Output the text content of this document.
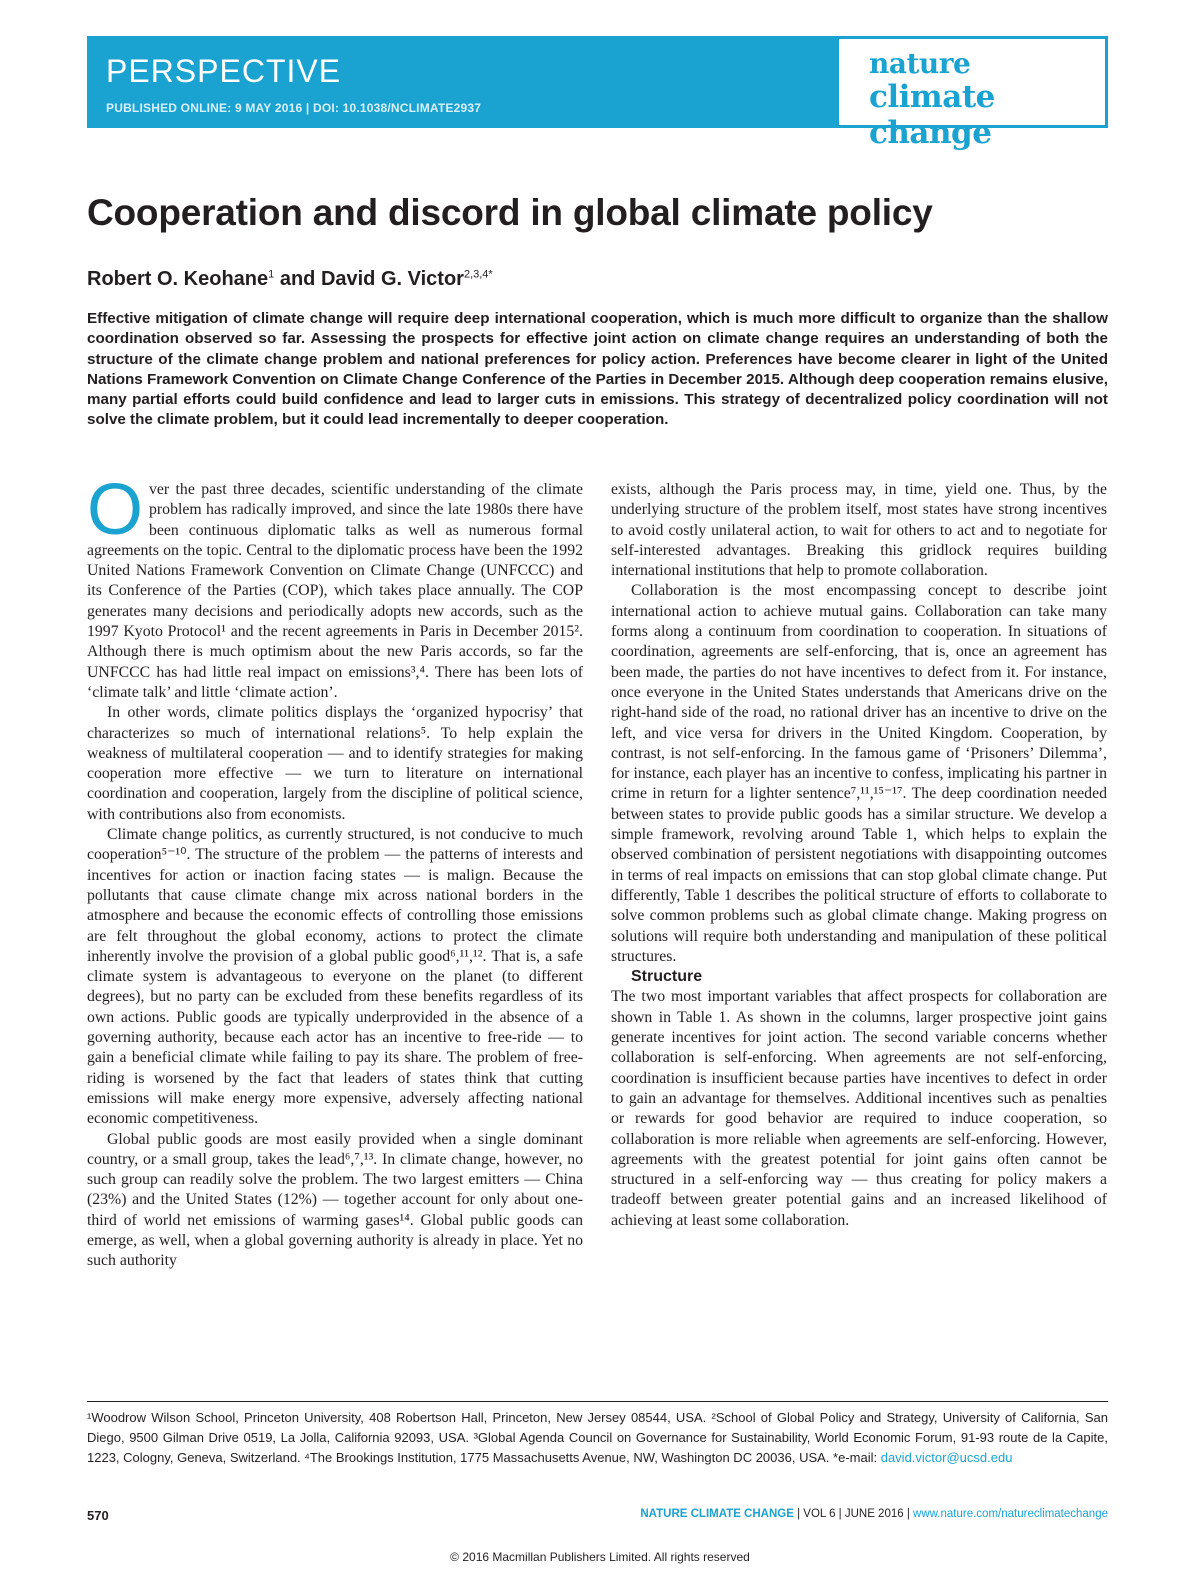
PERSPECTIVE
PUBLISHED ONLINE: 9 MAY 2016 | DOI: 10.1038/NCLIMATE2937
nature
climate change
Cooperation and discord in global climate policy
Robert O. Keohane$^1$ and David G. Victor$^{2,3,4*}$
Effective mitigation of climate change will require deep international cooperation, which is much more difficult to organize than the shallow coordination observed so far. Assessing the prospects for effective joint action on climate change requires an understanding of both the structure of the climate change problem and national preferences for policy action. Preferences have become clearer in light of the United Nations Framework Convention on Climate Change Conference of the Parties in December 2015. Although deep cooperation remains elusive, many partial efforts could build confidence and lead to larger cuts in emissions. This strategy of decentralized policy coordination will not solve the climate problem, but it could lead incrementally to deeper cooperation.

Over the past three decades, scientific understanding of the climate problem has radically improved, and since the late 1980s there have been continuous diplomatic talks as well as numerous formal agreements on the topic. Central to the diplomatic process have been the 1992 United Nations Framework Convention on Climate Change (UNFCCC) and its Conference of the Parties (COP), which takes place annually. The COP generates many decisions and periodically adopts new accords, such as the 1997 Kyoto Protocol¹ and the recent agreements in Paris in December 2015². Although there is much optimism about the new Paris accords, so far the UNFCCC has had little real impact on emissions³,⁴. There has been lots of ‘climate talk’ and little ‘climate action’.

In other words, climate politics displays the ‘organized hypocrisy’ that characterizes so much of international relations⁵. To help explain the weakness of multilateral cooperation — and to identify strategies for making cooperation more effective — we turn to literature on international coordination and cooperation, largely from the discipline of political science, with contributions also from economists.

Climate change politics, as currently structured, is not conducive to much cooperation⁵⁻¹⁰. The structure of the problem — the patterns of interests and incentives for action or inaction facing states — is malign. Because the pollutants that cause climate change mix across national borders in the atmosphere and because the economic effects of controlling those emissions are felt throughout the global economy, actions to protect the climate inherently involve the provision of a global public good⁶,¹¹,¹². That is, a safe climate system is advantageous to everyone on the planet (to different degrees), but no party can be excluded from these benefits regardless of its own actions. Public goods are typically underprovided in the absence of a governing authority, because each actor has an incentive to free-ride — to gain a beneficial climate while failing to pay its share. The problem of free-riding is worsened by the fact that leaders of states think that cutting emissions will make energy more expensive, adversely affecting national economic competitiveness.

Global public goods are most easily provided when a single dominant country, or a small group, takes the lead⁶,⁷,¹³. In climate change, however, no such group can readily solve the problem. The two largest emitters — China (23%) and the United States (12%) — together account for only about one-third of world net emissions of warming gases¹⁴. Global public goods can emerge, as well, when a global governing authority is already in place. Yet no such authority

exists, although the Paris process may, in time, yield one. Thus, by the underlying structure of the problem itself, most states have strong incentives to avoid costly unilateral action, to wait for others to act and to negotiate for self-interested advantages. Breaking this gridlock requires building international institutions that help to promote collaboration.

Collaboration is the most encompassing concept to describe joint international action to achieve mutual gains. Collaboration can take many forms along a continuum from coordination to cooperation. In situations of coordination, agreements are self-enforcing, that is, once an agreement has been made, the parties do not have incentives to defect from it. For instance, once everyone in the United States understands that Americans drive on the right-hand side of the road, no rational driver has an incentive to drive on the left, and vice versa for drivers in the United Kingdom. Cooperation, by contrast, is not self-enforcing. In the famous game of ‘Prisoners’ Dilemma’, for instance, each player has an incentive to confess, implicating his partner in crime in return for a lighter sentence⁷,¹¹,¹⁵⁻¹⁷. The deep coordination needed between states to provide public goods has a similar structure. We develop a simple framework, revolving around Table 1, which helps to explain the observed combination of persistent negotiations with disappointing outcomes in terms of real impacts on emissions that can stop global climate change. Put differently, Table 1 describes the political structure of efforts to collaborate to solve common problems such as global climate change. Making progress on solutions will require both understanding and manipulation of these political structures.

Structure

The two most important variables that affect prospects for collaboration are shown in Table 1. As shown in the columns, larger prospective joint gains generate incentives for joint action. The second variable concerns whether collaboration is self-enforcing. When agreements are not self-enforcing, coordination is insufficient because parties have incentives to defect in order to gain an advantage for themselves. Additional incentives such as penalties or rewards for good behavior are required to induce cooperation, so collaboration is more reliable when agreements are self-enforcing. However, agreements with the greatest potential for joint gains often cannot be structured in a self-enforcing way — thus creating for policy makers a tradeoff between greater potential gains and an increased likelihood of achieving at least some collaboration.

¹Woodrow Wilson School, Princeton University, 408 Robertson Hall, Princeton, New Jersey 08544, USA. ²School of Global Policy and Strategy, University of California, San Diego, 9500 Gilman Drive 0519, La Jolla, California 92093, USA. ³Global Agenda Council on Governance for Sustainability, World Economic Forum, 91-93 route de la Capite, 1223, Cologny, Geneva, Switzerland. ⁴The Brookings Institution, 1775 Massachusetts Avenue, NW, Washington DC 20036, USA. *e-mail: david.victor@ucsd.edu
570	NATURE CLIMATE CHANGE | VOL 6 | JUNE 2016 | www.nature.com/natureclimatechange
© 2016 Macmillan Publishers Limited. All rights reserved
